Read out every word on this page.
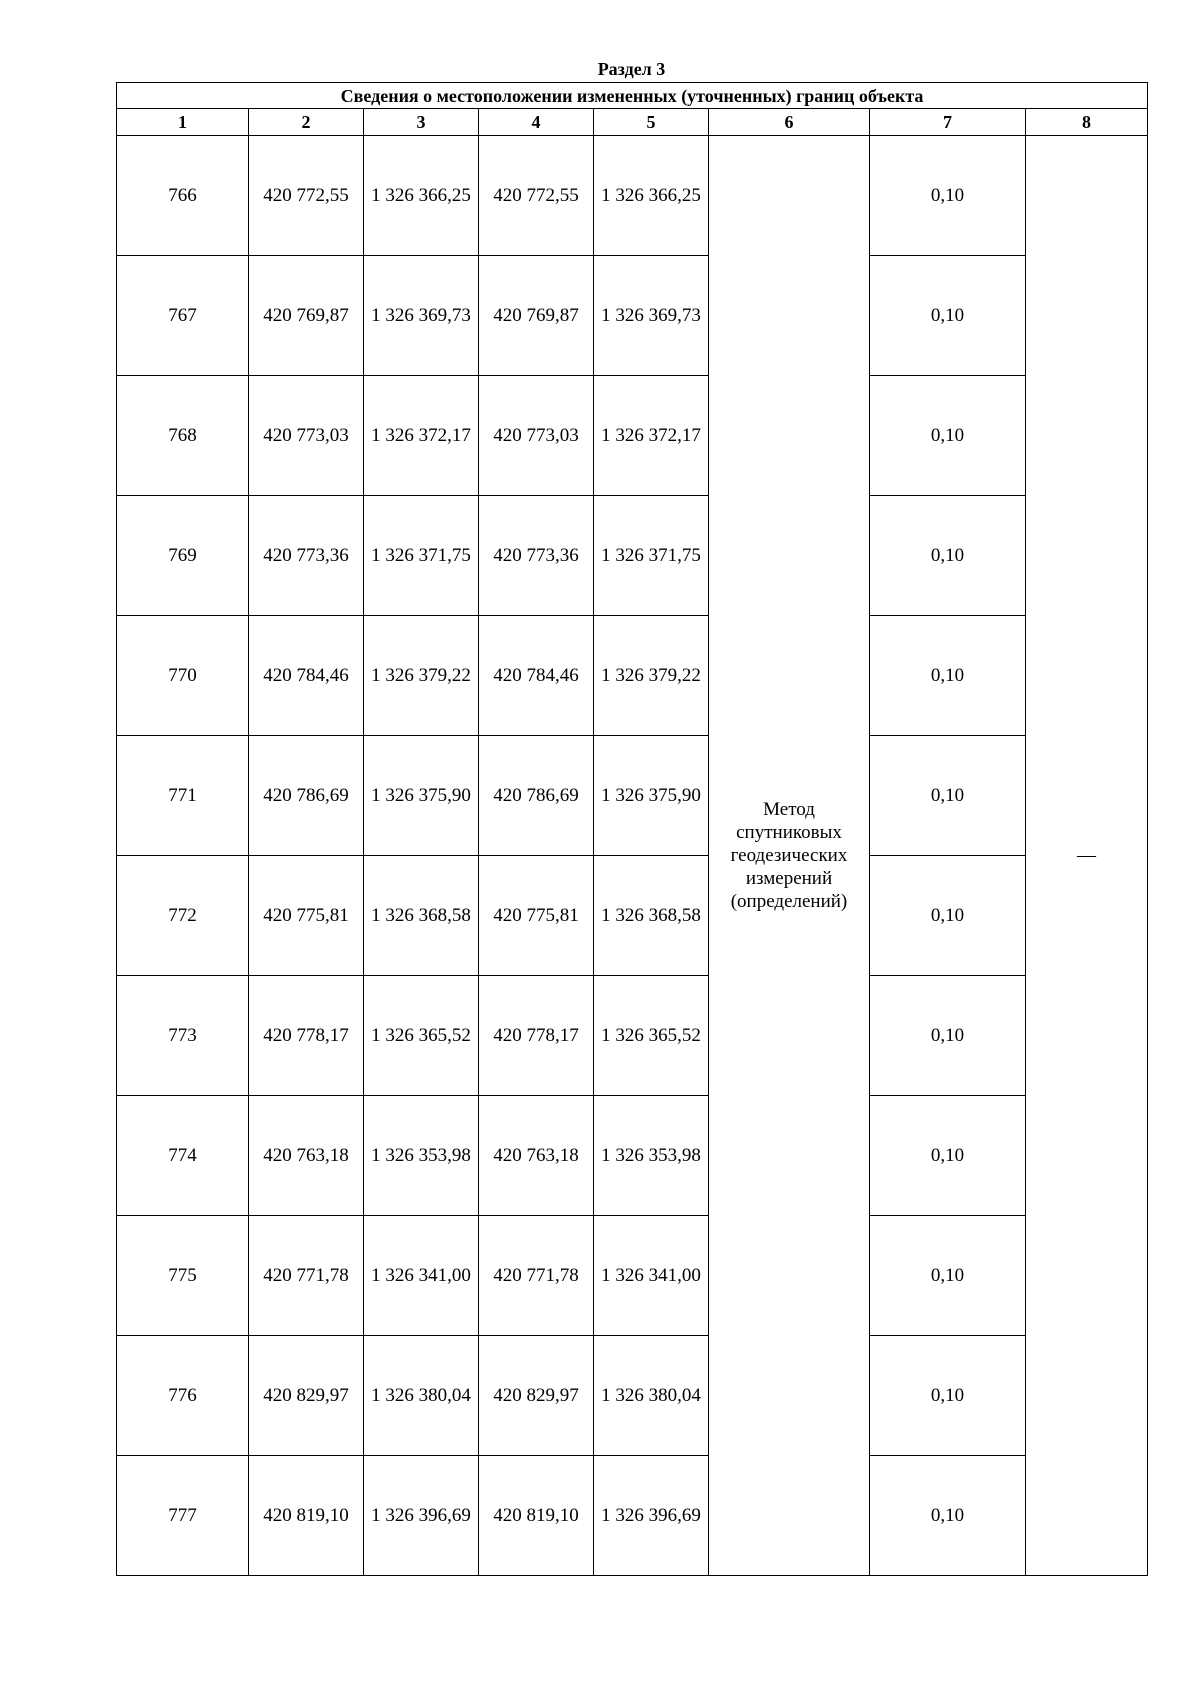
Раздел 3
Сведения о местоположении измененных (уточненных) границ объекта							
1	2	3	4	5	6	7	8
766	420 772,55	1 326 366,25	420 772,55	1 326 366,25	Метод
спутниковых
геодезических
измерений
(определений)	0,10	—
767	420 769,87	1 326 369,73	420 769,87	1 326 369,73		0,10	
768	420 773,03	1 326 372,17	420 773,03	1 326 372,17		0,10	
769	420 773,36	1 326 371,75	420 773,36	1 326 371,75		0,10	
770	420 784,46	1 326 379,22	420 784,46	1 326 379,22		0,10	
771	420 786,69	1 326 375,90	420 786,69	1 326 375,90		0,10	
772	420 775,81	1 326 368,58	420 775,81	1 326 368,58		0,10	
773	420 778,17	1 326 365,52	420 778,17	1 326 365,52		0,10	
774	420 763,18	1 326 353,98	420 763,18	1 326 353,98		0,10	
775	420 771,78	1 326 341,00	420 771,78	1 326 341,00		0,10	
776	420 829,97	1 326 380,04	420 829,97	1 326 380,04		0,10	
777	420 819,10	1 326 396,69	420 819,10	1 326 396,69		0,10	
